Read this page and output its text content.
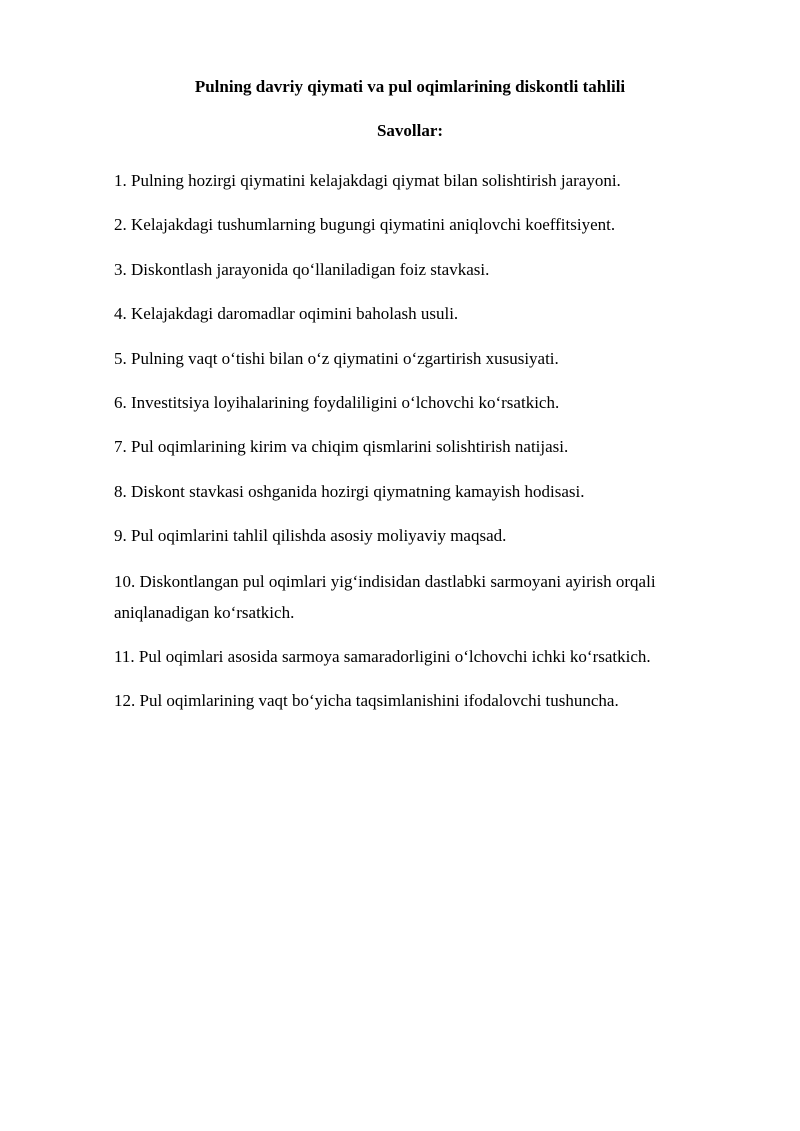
Pulning davriy qiymati va pul oqimlarining diskontli tahlili
Savollar:
1. Pulning hozirgi qiymatini kelajakdagi qiymat bilan solishtirish jarayoni.
2. Kelajakdagi tushumlarning bugungi qiymatini aniqlovchi koeffitsiyent.
3. Diskontlash jarayonida qo‘llaniladigan foiz stavkasi.
4. Kelajakdagi daromadlar oqimini baholash usuli.
5. Pulning vaqt o‘tishi bilan o‘z qiymatini o‘zgartirish xususiyati.
6. Investitsiya loyihalarining foydaliligini o‘lchovchi ko‘rsatkich.
7. Pul oqimlarining kirim va chiqim qismlarini solishtirish natijasi.
8. Diskont stavkasi oshganida hozirgi qiymatning kamayish hodisasi.
9. Pul oqimlarini tahlil qilishda asosiy moliyaviy maqsad.
10. Diskontlangan pul oqimlari yig‘indisidan dastlabki sarmoyani ayirish orqali aniqlanadigan ko‘rsatkich.
11. Pul oqimlari asosida sarmoya samaradorligini o‘lchovchi ichki ko‘rsatkich.
12. Pul oqimlarining vaqt bo‘yicha taqsimlanishini ifodalovchi tushuncha.
